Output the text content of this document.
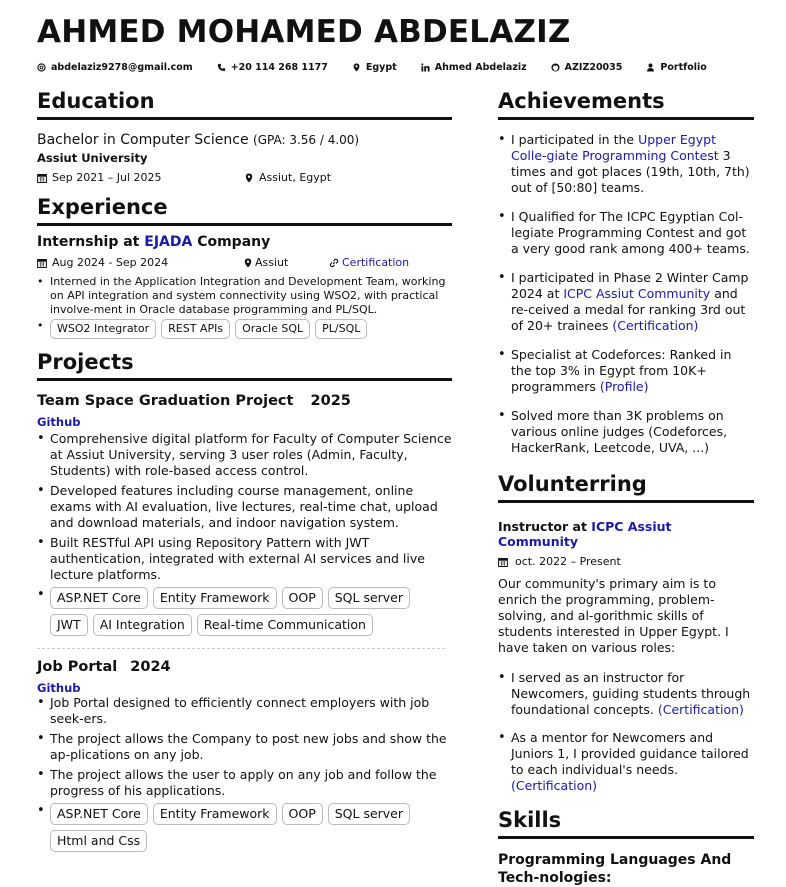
AHMED MOHAMED ABDELAZIZ
abdelaziz9278@gmail.com	+20 114 268 1177	Egypt	Ahmed Abdelaziz	AZIZ20035	Portfolio
Education
Bachelor in Computer Science (GPA: 3.56 / 4.00)
Assiut University
Sep 2021 – Jul 2025	Assiut, Egypt
Experience
Internship at EJADA Company
Aug 2024 - Sep 2024	Assiut	Certification
• Interned in the Application Integration and Development Team, working on API integration and system connectivity using WSO2, with practical involve-ment in Oracle database programming and PL/SQL.
• WSO2 Integrator	REST APIs	Oracle SQL	PL/SQL
Projects
Team Space Graduation Project 2025
Github
• Comprehensive digital platform for Faculty of Computer Science at Assiut University, serving 3 user roles (Admin, Faculty, Students) with role-based access control.
• Developed features including course management, online exams with AI evaluation, live lectures, real-time chat, upload and download materials, and indoor navigation system.
• Built RESTful API using Repository Pattern with JWT authentication, integrated with external AI services and live lecture platforms.
• ASP.NET Core	Entity Framework	OOP	SQL server
JWT	AI Integration	Real-time Communication
Job Portal 2024
Github
• Job Portal designed to efficiently connect employers with job seek-ers.
• The project allows the Company to post new jobs and show the ap-plications on any job.
• The project allows the user to apply on any job and follow the progress of his applications.
• ASP.NET Core	Entity Framework	OOP	SQL server
Html and Css
Achievements
• I participated in the Upper Egypt Colle-giate Programming Contest 3 times and got places (19th, 10th, 7th) out of [50:80] teams.
• I Qualified for The ICPC Egyptian Col-legiate Programming Contest and got a very good rank among 400+ teams.
• I participated in Phase 2 Winter Camp 2024 at ICPC Assiut Community and re-ceived a medal for ranking 3rd out of 20+ trainees (Certification)
• Specialist at Codeforces: Ranked in the top 3% in Egypt from 10K+ programmers (Profile)
• Solved more than 3K problems on various online judges (Codeforces, HackerRank, Leetcode, UVA, ...)
Volunterring
Instructor at ICPC Assiut Community
oct. 2022 – Present
Our community's primary aim is to enrich the programming, problem-solving, and al-gorithmic skills of students interested in Upper Egypt. I have taken on various roles:
• I served as an instructor for Newcomers, guiding students through foundational concepts. (Certification)
• As a mentor for Newcomers and Juniors 1, I provided guidance tailored to each individual's needs. (Certification)
Skills
Programming Languages And Tech-nologies:
